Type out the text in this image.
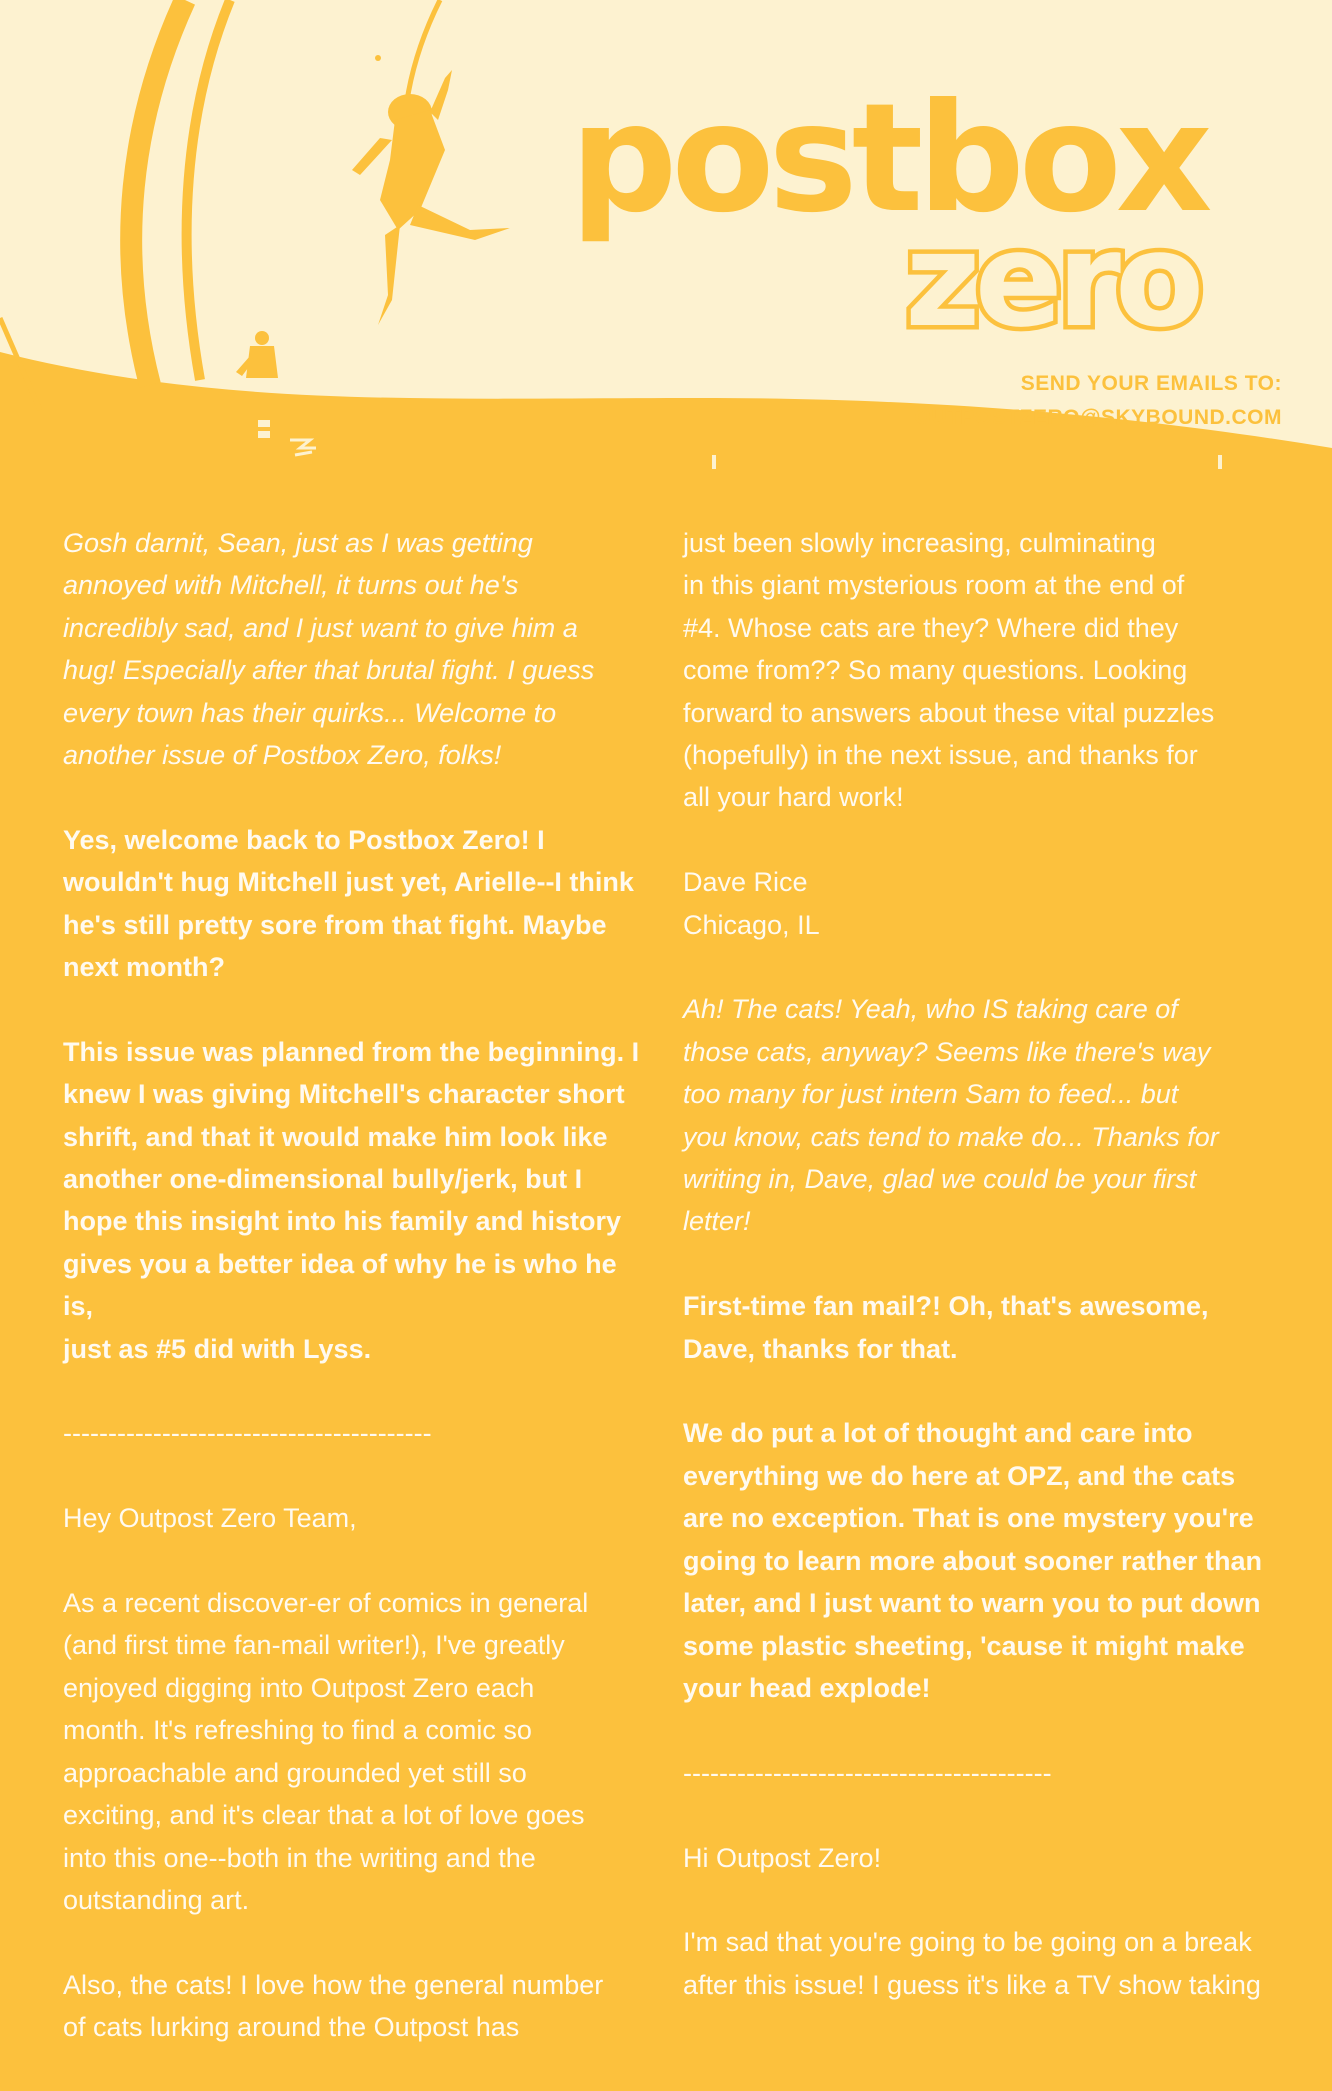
postbox
zero
SEND YOUR EMAILS TO:
OUTPOSTZERO@SKYBOUND.COM

Gosh darnit, Sean, just as I was getting
annoyed with Mitchell, it turns out he's
incredibly sad, and I just want to give him a
hug! Especially after that brutal fight. I guess
every town has their quirks... Welcome to
another issue of Postbox Zero, folks!

Yes, welcome back to Postbox Zero! I
wouldn't hug Mitchell just yet, Arielle--I think
he's still pretty sore from that fight. Maybe
next month?

This issue was planned from the beginning. I
knew I was giving Mitchell's character short
shrift, and that it would make him look like
another one-dimensional bully/jerk, but I
hope this insight into his family and history
gives you a better idea of why he is who he is,
just as #5 did with Lyss.

-----------------------------------------

Hey Outpost Zero Team,

As a recent discover-er of comics in general
(and first time fan-mail writer!), I've greatly
enjoyed digging into Outpost Zero each
month. It's refreshing to find a comic so
approachable and grounded yet still so
exciting, and it's clear that a lot of love goes
into this one--both in the writing and the
outstanding art.

Also, the cats! I love how the general number
of cats lurking around the Outpost has

just been slowly increasing, culminating
in this giant mysterious room at the end of
#4. Whose cats are they? Where did they
come from?? So many questions. Looking
forward to answers about these vital puzzles
(hopefully) in the next issue, and thanks for
all your hard work!

Dave Rice
Chicago, IL

Ah! The cats! Yeah, who IS taking care of
those cats, anyway? Seems like there's way
too many for just intern Sam to feed... but
you know, cats tend to make do... Thanks for
writing in, Dave, glad we could be your first
letter!

First-time fan mail?! Oh, that's awesome,
Dave, thanks for that.

We do put a lot of thought and care into
everything we do here at OPZ, and the cats
are no exception. That is one mystery you're
going to learn more about sooner rather than
later, and I just want to warn you to put down
some plastic sheeting, 'cause it might make
your head explode!

-----------------------------------------

Hi Outpost Zero!

I'm sad that you're going to be going on a break
after this issue! I guess it's like a TV show taking
